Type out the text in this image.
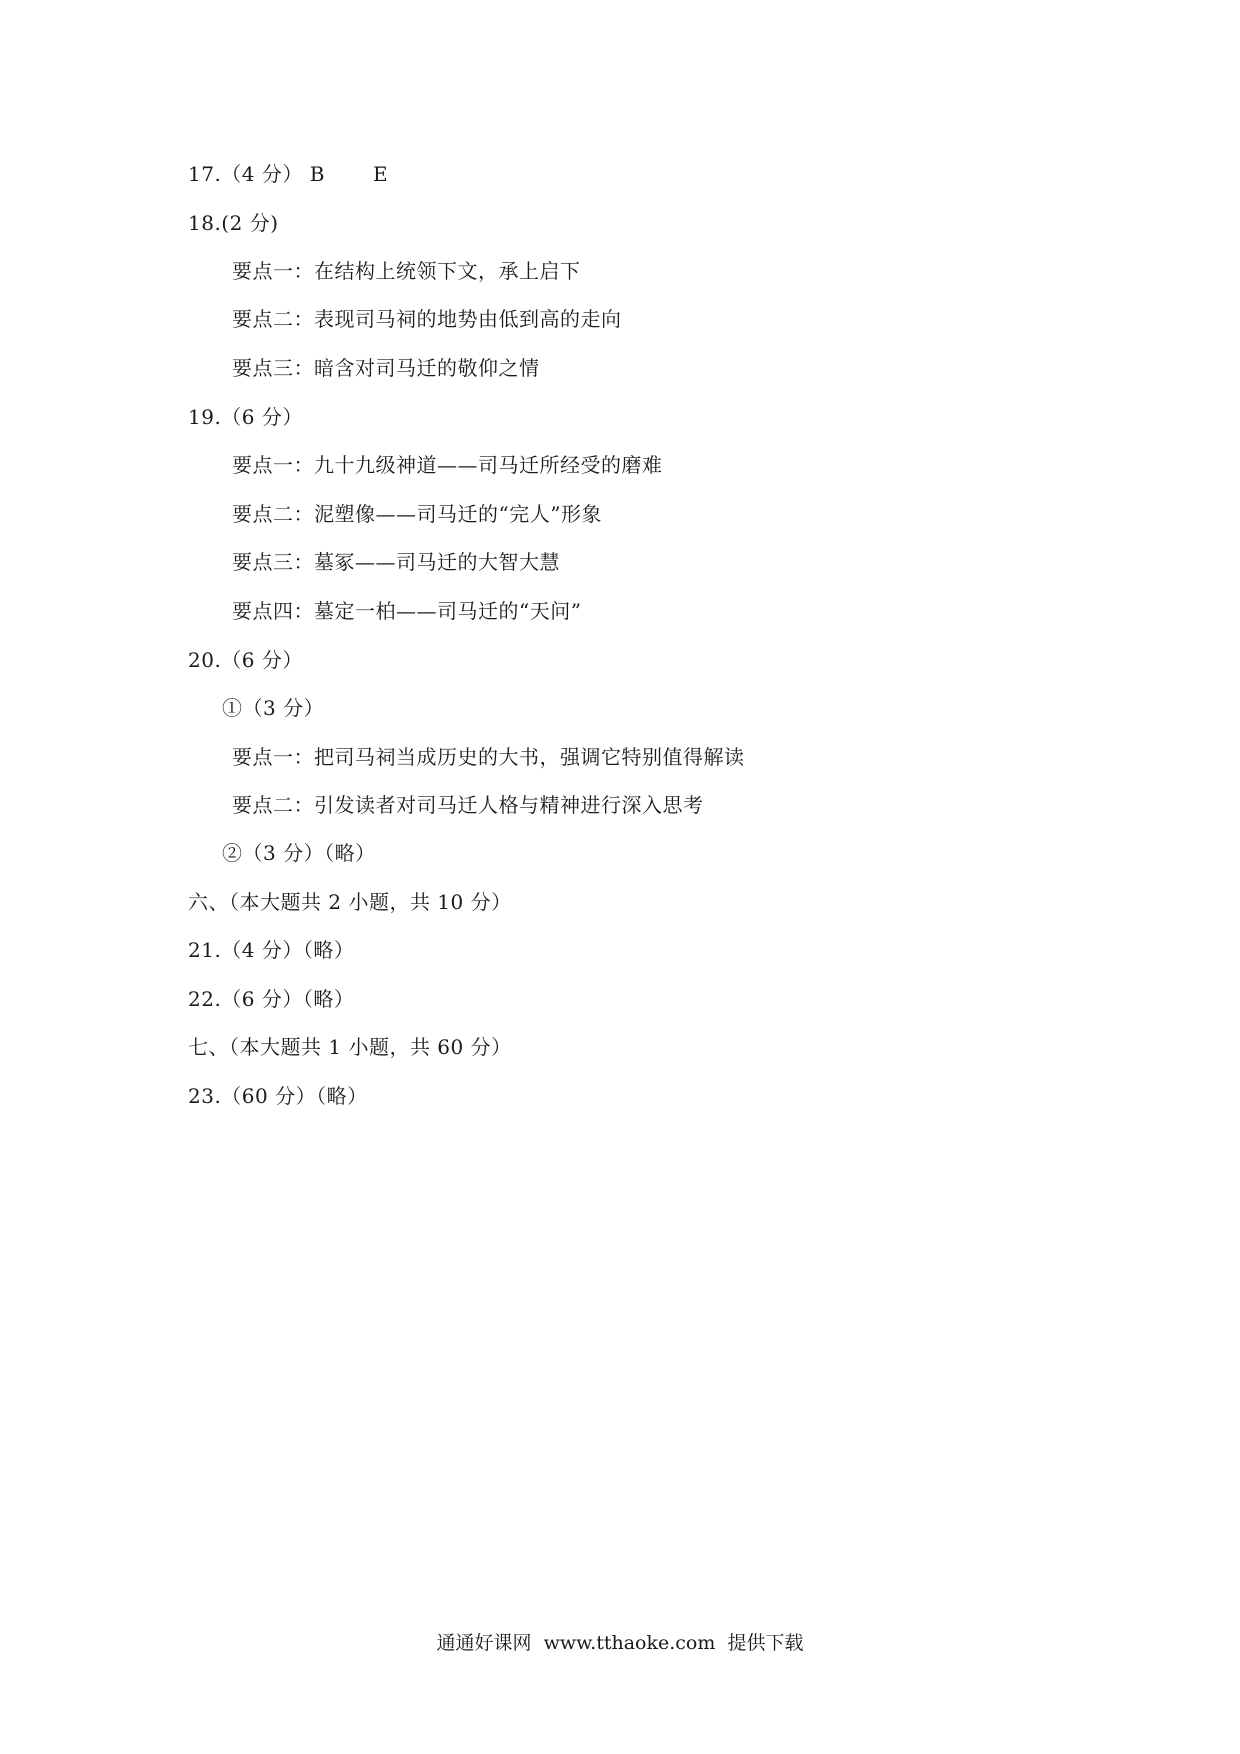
17.（4 分） B       E
18.(2 分)
要点一：在结构上统领下文，承上启下
要点二：表现司马祠的地势由低到高的走向
要点三：暗含对司马迁的敬仰之情
19.（6 分）
要点一：九十九级神道——司马迁所经受的磨难
要点二：泥塑像——司马迁的“完人”形象
要点三：墓冢——司马迁的大智大慧
要点四：墓定一柏——司马迁的“天问”
20.（6 分）
①（3 分）
要点一：把司马祠当成历史的大书，强调它特别值得解读
要点二：引发读者对司马迁人格与精神进行深入思考
②（3 分）（略）
六、（本大题共 2 小题，共 10 分）
21.（4 分）（略）
22.（6 分）（略）
七、（本大题共 1 小题，共 60 分）
23.（60 分）（略）
通通好课网  www.tthaoke.com  提供下载
